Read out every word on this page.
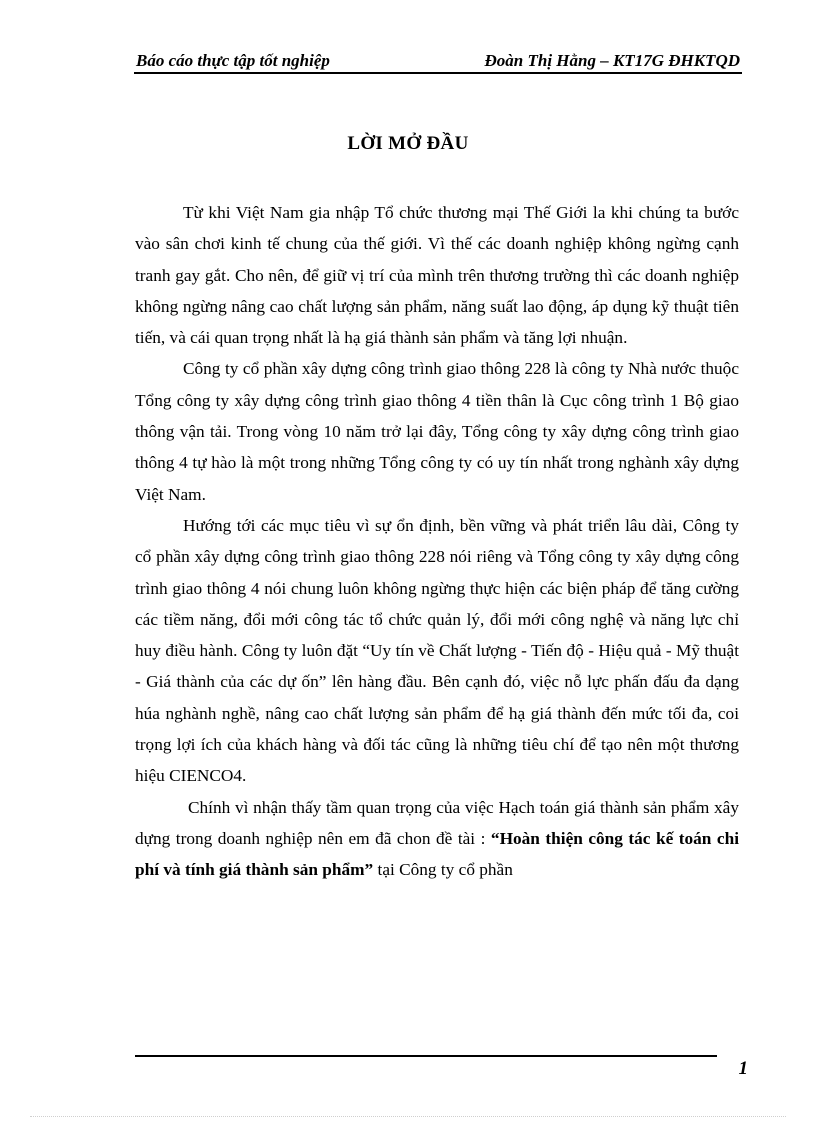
Báo cáo thực tập tốt nghiệp	Đoàn Thị Hằng – KT17G ĐHKTQD
LỜI MỞ ĐẦU

Từ khi Việt Nam gia nhập Tổ chức thương mại Thế Giới la khi chúng ta bước vào sân chơi kinh tế chung của thế giới. Vì thế các doanh nghiệp không ngừng cạnh tranh gay gắt. Cho nên, để giữ vị trí của mình trên thương trường thì các doanh nghiệp không ngừng nâng cao chất lượng sản phẩm, năng suất lao động, áp dụng kỹ thuật tiên tiến, và cái quan trọng nhất là hạ giá thành sản phẩm và tăng lợi nhuận.

Công ty cổ phần xây dựng công trình giao thông 228 là công ty Nhà nước thuộc Tổng công ty xây dựng công trình giao thông 4 tiền thân là Cục công trình 1 Bộ giao thông vận tải. Trong vòng 10 năm trở lại đây, Tổng công ty xây dựng công trình giao thông 4 tự hào là một trong những Tổng công ty có uy tín nhất trong nghành xây dựng Việt Nam.

Hướng tới các mục tiêu vì sự ổn định, bền vững và phát triển lâu dài, Công ty cổ phần xây dựng công trình giao thông 228 nói riêng và Tổng công ty xây dựng công trình giao thông 4 nói chung luôn không ngừng thực hiện các biện pháp để tăng cường các tiềm năng, đổi mới công tác tổ chức quản lý, đổi mới công nghệ và năng lực chỉ huy điều hành. Công ty luôn đặt “Uy tín về Chất lượng - Tiến độ - Hiệu quả - Mỹ thuật - Giá thành của các dự ốn” lên hàng đầu. Bên cạnh đó, việc nỗ lực phấn đấu đa dạng húa nghành nghề, nâng cao chất lượng sản phẩm để hạ giá thành đến mức tối đa, coi trọng lợi ích của khách hàng và đối tác cũng là những tiêu chí để tạo nên một thương hiệu CIENCO4.

Chính vì nhận thấy tầm quan trọng của việc Hạch toán giá thành sản phẩm xây dựng trong doanh nghiệp nên em đã chon đề tài : “Hoàn thiện công tác kế toán chi phí và tính giá thành sản phẩm” tại Công ty cổ phần

1
